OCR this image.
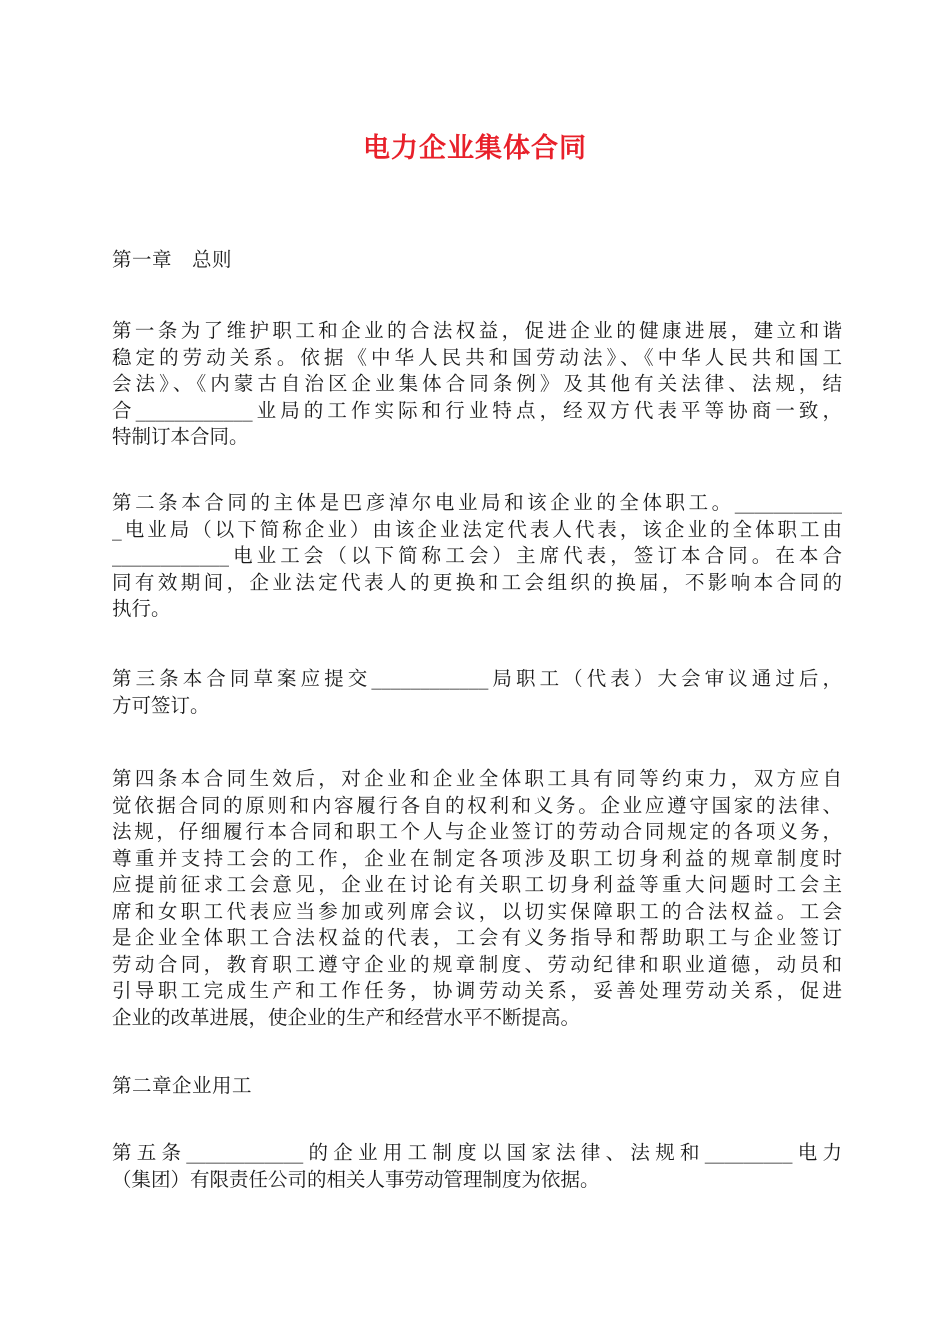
电力企业集体合同

第一章　总则

第一条为了维护职工和企业的合法权益，促进企业的健康进展，建立和谐
稳定的劳动关系。依据《中华人民共和国劳动法》、《中华人民共和国工
会法》、《内蒙古自治区企业集体合同条例》及其他有关法律、法规，结
合____________业局的工作实际和行业特点，经双方代表平等协商一致，
特制订本合同。
第二条本合同的主体是巴彦淖尔电业局和该企业的全体职工。___________
_电业局（以下简称企业）由该企业法定代表人代表，该企业的全体职工由
____________电业工会（以下简称工会）主席代表，签订本合同。在本合
同有效期间，企业法定代表人的更换和工会组织的换届，不影响本合同的
执行。
第三条本合同草案应提交____________局职工（代表）大会审议通过后，
方可签订。
第四条本合同生效后，对企业和企业全体职工具有同等约束力，双方应自
觉依据合同的原则和内容履行各自的权利和义务。企业应遵守国家的法律、
法规，仔细履行本合同和职工个人与企业签订的劳动合同规定的各项义务，
尊重并支持工会的工作，企业在制定各项涉及职工切身利益的规章制度时
应提前征求工会意见，企业在讨论有关职工切身利益等重大问题时工会主
席和女职工代表应当参加或列席会议，以切实保障职工的合法权益。工会
是企业全体职工合法权益的代表，工会有义务指导和帮助职工与企业签订
劳动合同，教育职工遵守企业的规章制度、劳动纪律和职业道德，动员和
引导职工完成生产和工作任务，协调劳动关系，妥善处理劳动关系，促进
企业的改革进展，使企业的生产和经营水平不断提高。

第二章企业用工

第五条____________的企业用工制度以国家法律、法规和_________电力
（集团）有限责任公司的相关人事劳动管理制度为依据。
